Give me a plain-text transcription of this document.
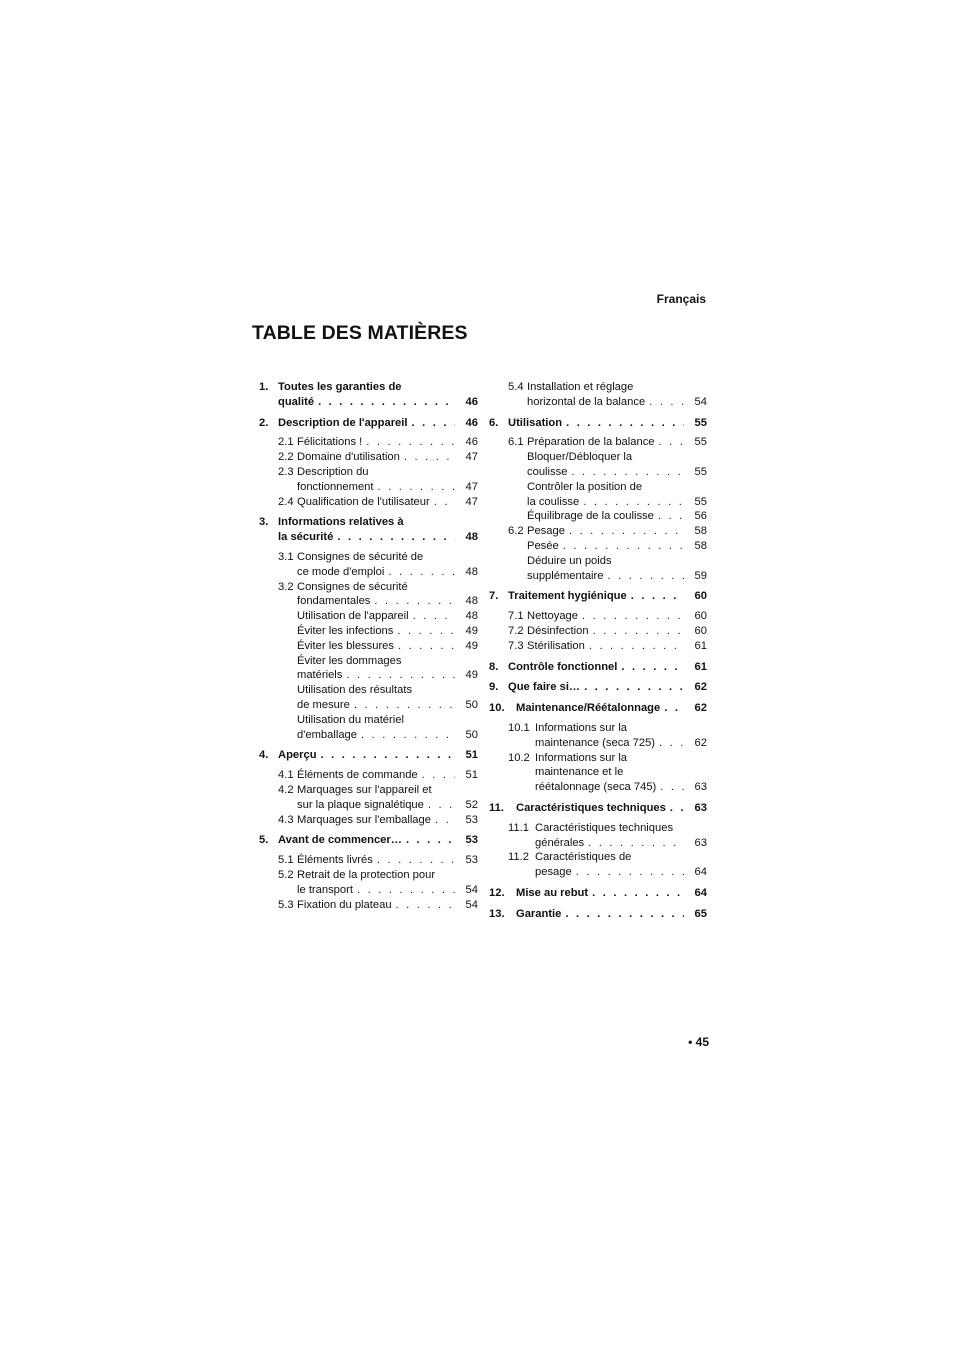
Français
TABLE DES MATIÈRES
1. Toutes les garanties de
qualité . . .	46
2. Description de l'appareil . . .	46
2.1 Félicitations ! . . .	46
2.2 Domaine d'utilisation . . .	47
2.3 Description du
fonctionnement . . .	47
2.4 Qualification de l'utilisateur . . .	47
3. Informations relatives à
la sécurité . . .	48
3.1 Consignes de sécurité de
ce mode d'emploi . . .	48
3.2 Consignes de sécurité
fondamentales . . .	48
Utilisation de l'appareil . . .	48
Éviter les infections . . .	49
Éviter les blessures . . .	49
Éviter les dommages
matériels . . .	49
Utilisation des résultats
de mesure . . .	50
Utilisation du matériel
d'emballage . . .	50
4. Aperçu . . .	51
4.1 Éléments de commande . . .	51
4.2 Marquages sur l'appareil et
sur la plaque signalétique . . .	52
4.3 Marquages sur l'emballage . . .	53
5. Avant de commencer… . . .	53
5.1 Éléments livrés . . .	53
5.2 Retrait de la protection pour
le transport . . .	54
5.3 Fixation du plateau . . .	54
5.4 Installation et réglage
horizontal de la balance . . .	54
6. Utilisation . . .	55
6.1 Préparation de la balance . . .	55
Bloquer/Débloquer la
coulisse . . .	55
Contrôler la position de
la coulisse . . .	55
Équilibrage de la coulisse . . .	56
6.2 Pesage . . .	58
Pesée . . .	58
Déduire un poids
supplémentaire . . .	59
7. Traitement hygiénique . . .	60
7.1 Nettoyage . . .	60
7.2 Désinfection . . .	60
7.3 Stérilisation . . .	61
8. Contrôle fonctionnel . . .	61
9. Que faire si… . . .	62
10. Maintenance/Réétalonnage . . .	62
10.1 Informations sur la
maintenance (seca 725) . . .	62
10.2 Informations sur la
maintenance et le
réétalonnage (seca 745) . . .	63
11. Caractéristiques techniques . . .	63
11.1 Caractéristiques techniques
générales . . .	63
11.2 Caractéristiques de
pesage . . .	64
12. Mise au rebut . . .	64
13. Garantie . . .	65
• 45
